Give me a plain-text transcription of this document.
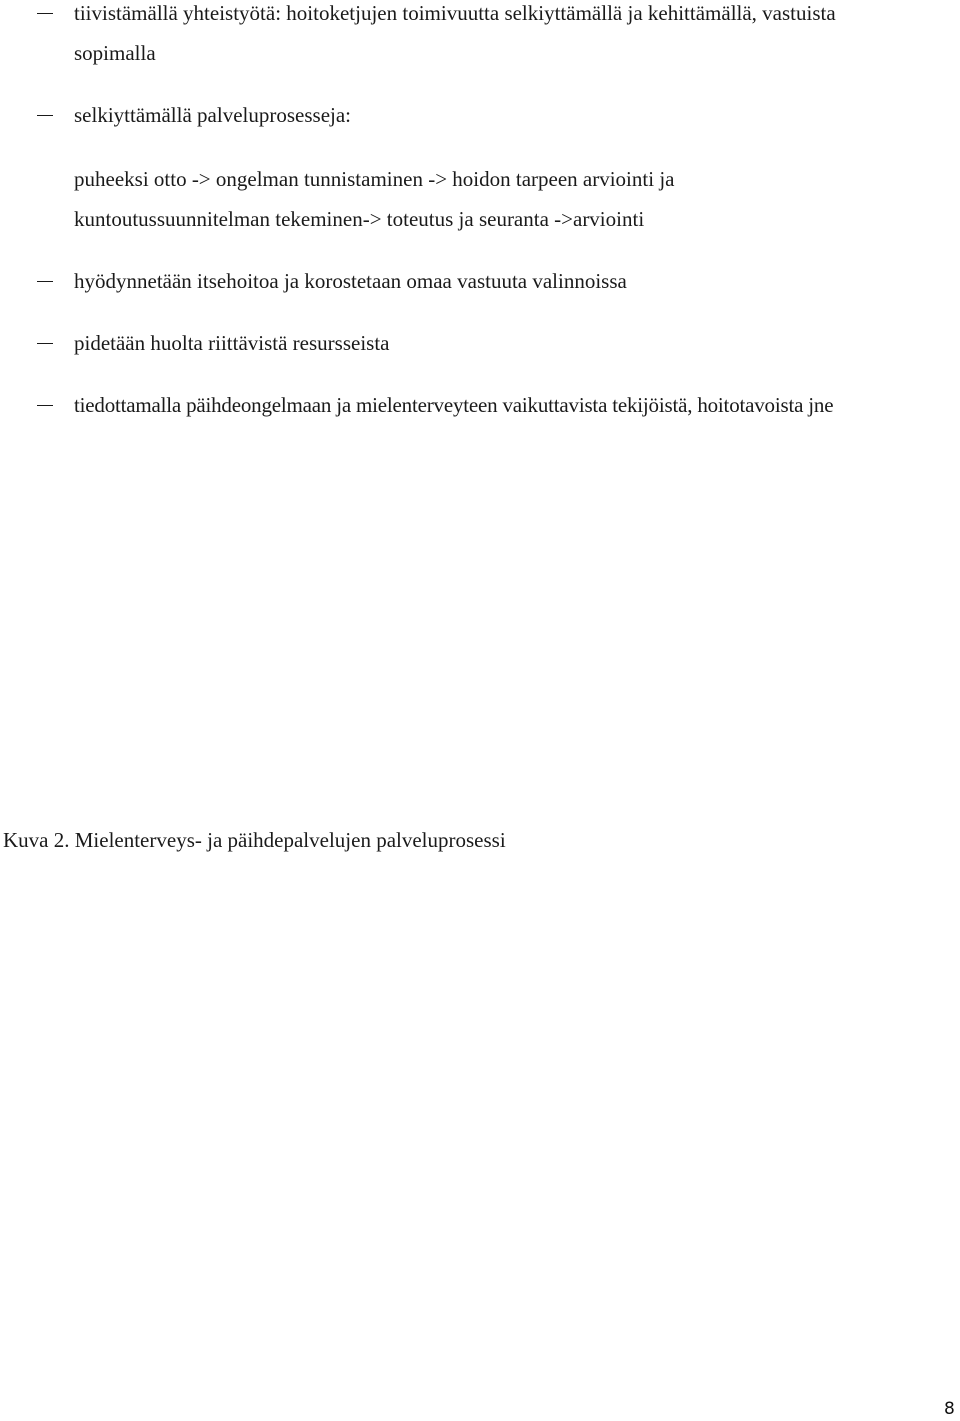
tiivistämällä yhteistyötä: hoitoketjujen toimivuutta selkiyttämällä ja kehittämällä, vastuista
sopimalla
selkiyttämällä palveluprosesseja:
puheeksi otto -> ongelman tunnistaminen -> hoidon tarpeen arviointi ja
kuntoutussuunnitelman tekeminen-> toteutus ja seuranta ->arviointi
hyödynnetään itsehoitoa ja korostetaan omaa vastuuta valinnoissa
pidetään huolta riittävistä resursseista
tiedottamalla päihdeongelmaan ja mielenterveyteen vaikuttavista tekijöistä, hoitotavoista jne
Kuva 2. Mielenterveys- ja päihdepalvelujen palveluprosessi
8
